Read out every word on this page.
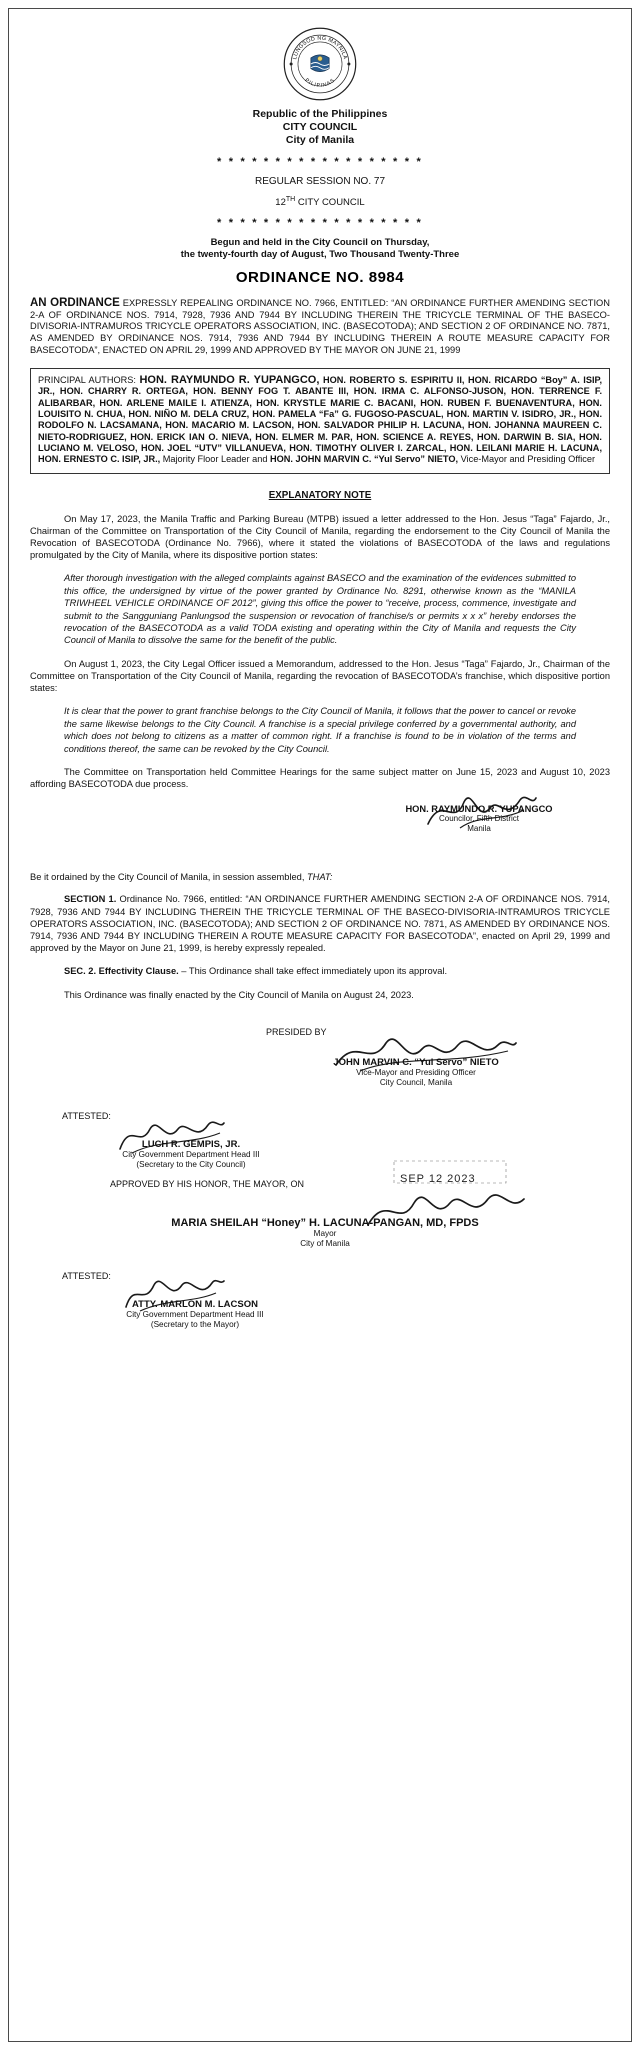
LUNGSOD NG MAYNILA
PILIPINAS
Republic of the Philippines
CITY COUNCIL
City of Manila
* * * * * * * * * * * * * * * * * *
REGULAR SESSION NO. 77
12TH CITY COUNCIL
* * * * * * * * * * * * * * * * * *
Begun and held in the City Council on Thursday,
the twenty-fourth day of August, Two Thousand Twenty-Three
ORDINANCE NO. 8984
AN ORDINANCE EXPRESSLY REPEALING ORDINANCE NO. 7966, ENTITLED: “AN ORDINANCE FURTHER AMENDING SECTION 2-A OF ORDINANCE NOS. 7914, 7928, 7936 AND 7944 BY INCLUDING THEREIN THE TRICYCLE TERMINAL OF THE BASECO-DIVISORIA-INTRAMUROS TRICYCLE OPERATORS ASSOCIATION, INC. (BASECOTODA); AND SECTION 2 OF ORDINANCE NO. 7871, AS AMENDED BY ORDINANCE NOS. 7914, 7936 AND 7944 BY INCLUDING THEREIN A ROUTE MEASURE CAPACITY FOR BASECOTODA”, ENACTED ON APRIL 29, 1999 AND APPROVED BY THE MAYOR ON JUNE 21, 1999
PRINCIPAL AUTHORS: HON. RAYMUNDO R. YUPANGCO, HON. ROBERTO S. ESPIRITU II, HON. RICARDO “Boy” A. ISIP, JR., HON. CHARRY R. ORTEGA, HON. BENNY FOG T. ABANTE III, HON. IRMA C. ALFONSO-JUSON, HON. TERRENCE F. ALIBARBAR, HON. ARLENE MAILE I. ATIENZA, HON. KRYSTLE MARIE C. BACANI, HON. RUBEN F. BUENAVENTURA, HON. LOUISITO N. CHUA, HON. NIÑO M. DELA CRUZ, HON. PAMELA “Fa” G. FUGOSO-PASCUAL, HON. MARTIN V. ISIDRO, JR., HON. RODOLFO N. LACSAMANA, HON. MACARIO M. LACSON, HON. SALVADOR PHILIP H. LACUNA, HON. JOHANNA MAUREEN C. NIETO-RODRIGUEZ, HON. ERICK IAN O. NIEVA, HON. ELMER M. PAR, HON. SCIENCE A. REYES, HON. DARWIN B. SIA, HON. LUCIANO M. VELOSO, HON. JOEL “UTV” VILLANUEVA, HON. TIMOTHY OLIVER I. ZARCAL, HON. LEILANI MARIE H. LACUNA, HON. ERNESTO C. ISIP, JR., Majority Floor Leader and HON. JOHN MARVIN C. “Yul Servo” NIETO, Vice-Mayor and Presiding Officer
EXPLANATORY NOTE

On May 17, 2023, the Manila Traffic and Parking Bureau (MTPB) issued a letter addressed to the Hon. Jesus “Taga” Fajardo, Jr., Chairman of the Committee on Transportation of the City Council of Manila, regarding the endorsement to the City Council of Manila the Revocation of BASECOTODA (Ordinance No. 7966), where it stated the violations of BASECOTODA of the laws and regulations promulgated by the City of Manila, where its dispositive portion states:

After thorough investigation with the alleged complaints against BASECO and the examination of the evidences submitted to this office, the undersigned by virtue of the power granted by Ordinance No. 8291, otherwise known as the “MANILA TRIWHEEL VEHICLE ORDINANCE OF 2012”, giving this office the power to “receive, process, commence, investigate and submit to the Sangguniang Panlungsod the suspension or revocation of franchise/s or permits x x x” hereby endorses the revocation of the BASECOTODA as a valid TODA existing and operating within the City of Manila and requests the City Council of Manila to dissolve the same for the benefit of the public.

On August 1, 2023, the City Legal Officer issued a Memorandum, addressed to the Hon. Jesus “Taga” Fajardo, Jr., Chairman of the Committee on Transportation of the City Council of Manila, regarding the revocation of BASECOTODA’s franchise, which dispositive portion states:

It is clear that the power to grant franchise belongs to the City Council of Manila, it follows that the power to cancel or revoke the same likewise belongs to the City Council. A franchise is a special privilege conferred by a governmental authority, and which does not belong to citizens as a matter of common right. If a franchise is found to be in violation of the terms and conditions thereof, the same can be revoked by the City Council.

The Committee on Transportation held Committee Hearings for the same subject matter on June 15, 2023 and August 10, 2023 affording BASECOTODA due process.

HON. RAYMUNDO R. YUPANGCO
Councilor, Fifth District
Manila
Be it ordained by the City Council of Manila, in session assembled, THAT:

SECTION 1. Ordinance No. 7966, entitled: “AN ORDINANCE FURTHER AMENDING SECTION 2-A OF ORDINANCE NOS. 7914, 7928, 7936 AND 7944 BY INCLUDING THEREIN THE TRICYCLE TERMINAL OF THE BASECO-DIVISORIA-INTRAMUROS TRICYCLE OPERATORS ASSOCIATION, INC. (BASECOTODA); AND SECTION 2 OF ORDINANCE NO. 7871, AS AMENDED BY ORDINANCE NOS. 7914, 7936 AND 7944 BY INCLUDING THEREIN A ROUTE MEASURE CAPACITY FOR BASECOTODA”, enacted on April 29, 1999 and approved by the Mayor on June 21, 1999, is hereby expressly repealed.

SEC. 2. Effectivity Clause. – This Ordinance shall take effect immediately upon its approval.

This Ordinance was finally enacted by the City Council of Manila on August 24, 2023.

PRESIDED BY
JOHN MARVIN C. “Yul Servo” NIETO
Vice-Mayor and Presiding Officer
City Council, Manila
ATTESTED:
LUCH R. GEMPIS, JR.
City Government Department Head III
(Secretary to the City Council)
APPROVED BY HIS HONOR, THE MAYOR, ON	SEP 12 2023
MARIA SHEILAH “Honey” H. LACUNA-PANGAN, MD, FPDS
Mayor
City of Manila
ATTESTED:
ATTY. MARLON M. LACSON
City Government Department Head III
(Secretary to the Mayor)
